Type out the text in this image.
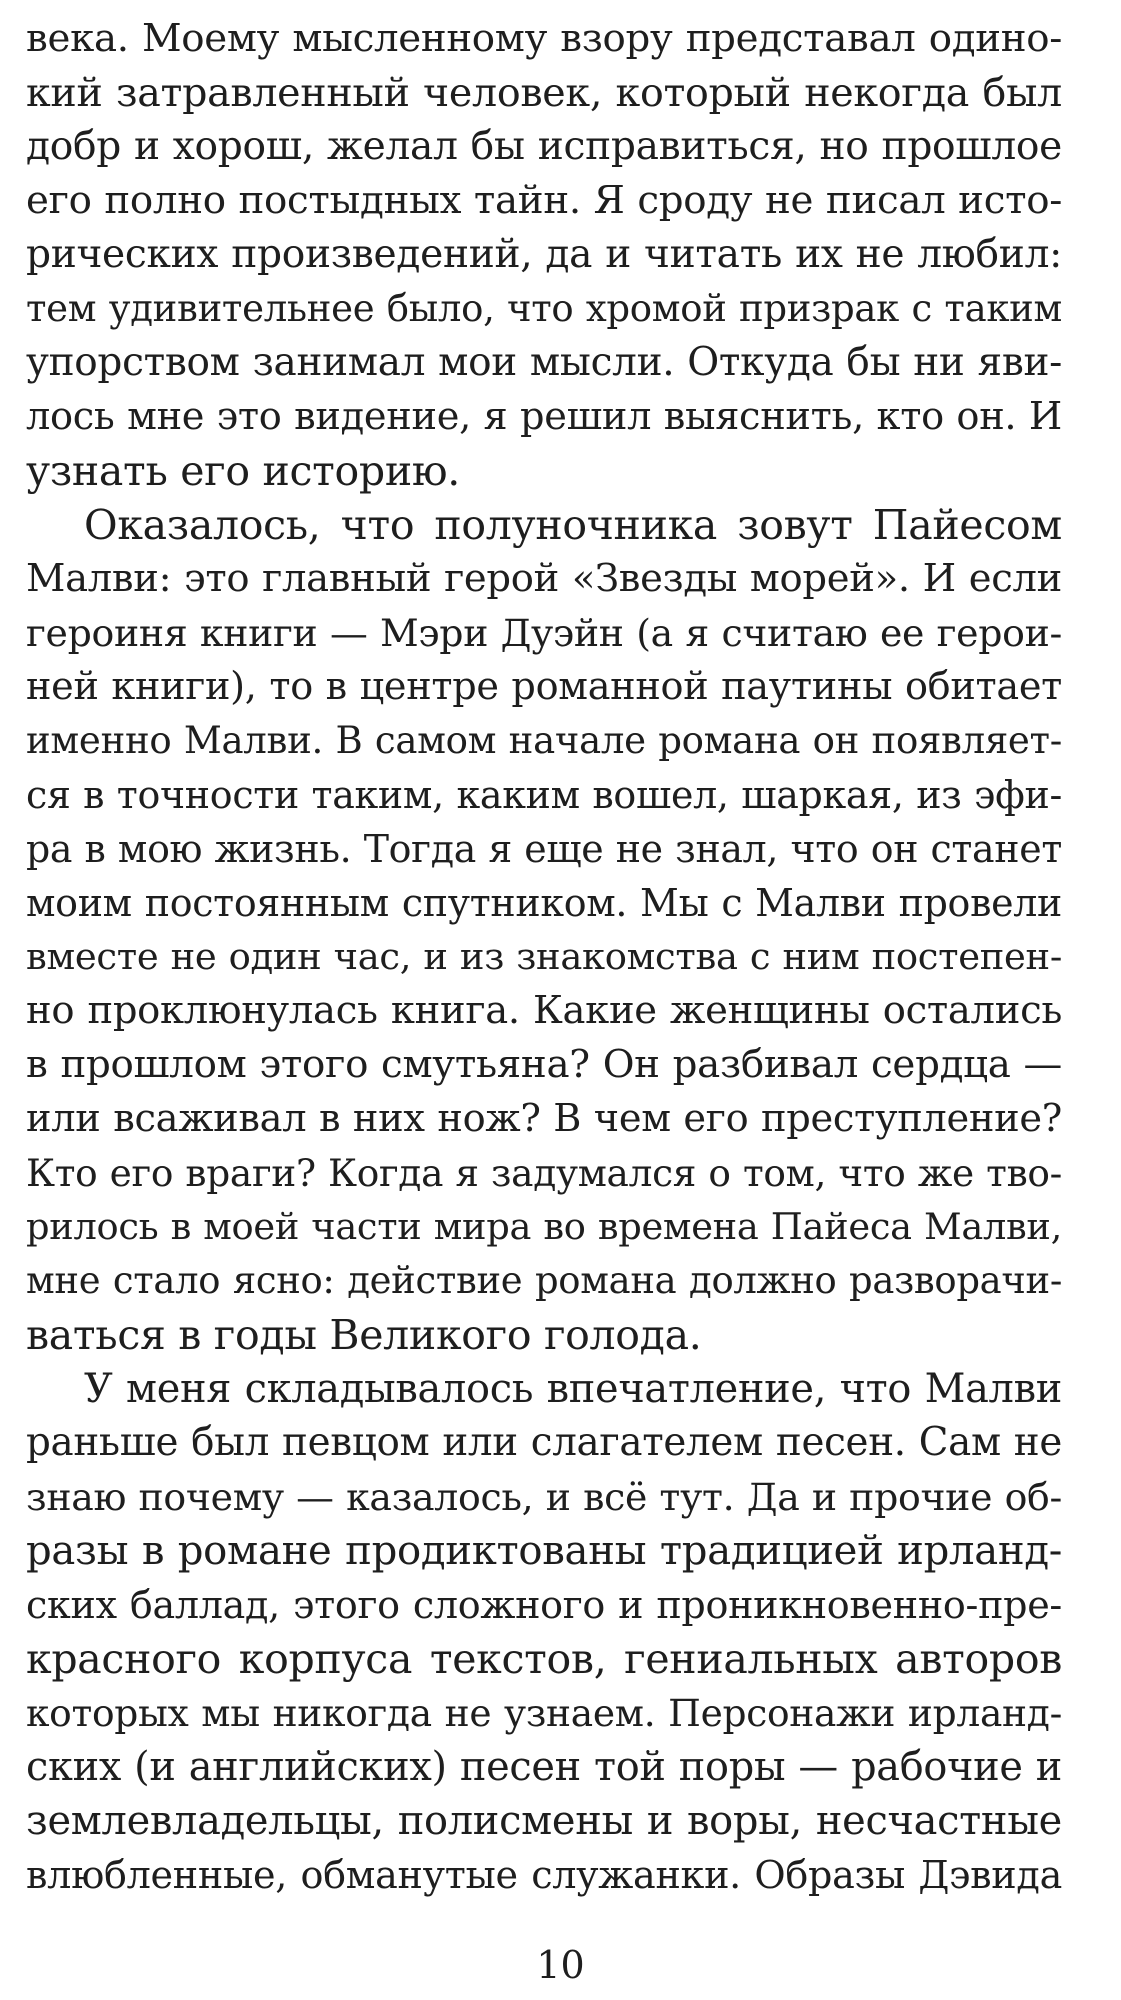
века. Моему мысленному взору представал одино-
кий затравленный человек, который некогда был
добр и хорош, желал бы исправиться, но прошлое
его полно постыдных тайн. Я сроду не писал исто-
рических произведений, да и читать их не любил:
тем удивительнее было, что хромой призрак с таким
упорством занимал мои мысли. Откуда бы ни яви-
лось мне это видение, я решил выяснить, кто он. И
узнать его историю.
Оказалось, что полуночника зовут Пайесом
Малви: это главный герой «Звезды морей». И если
героиня книги — Мэри Дуэйн (а я считаю ее герои-
ней книги), то в центре романной паутины обитает
именно Малви. В самом начале романа он появляет-
ся в точности таким, каким вошел, шаркая, из эфи-
ра в мою жизнь. Тогда я еще не знал, что он станет
моим постоянным спутником. Мы с Малви провели
вместе не один час, и из знакомства с ним постепен-
но проклюнулась книга. Какие женщины остались
в прошлом этого смутьяна? Он разбивал сердца —
или всаживал в них нож? В чем его преступление?
Кто его враги? Когда я задумался о том, что же тво-
рилось в моей части мира во времена Пайеса Малви,
мне стало ясно: действие романа должно разворачи-
ваться в годы Великого голода.
У меня складывалось впечатление, что Малви
раньше был певцом или слагателем песен. Сам не
знаю почему — казалось, и всё тут. Да и прочие об-
разы в романе продиктованы традицией ирланд-
ских баллад, этого сложного и проникновенно-пре-
красного корпуса текстов, гениальных авторов
которых мы никогда не узнаем. Персонажи ирланд-
ских (и английских) песен той поры — рабочие и
землевладельцы, полисмены и воры, несчастные
влюбленные, обманутые служанки. Образы Дэвида
10
